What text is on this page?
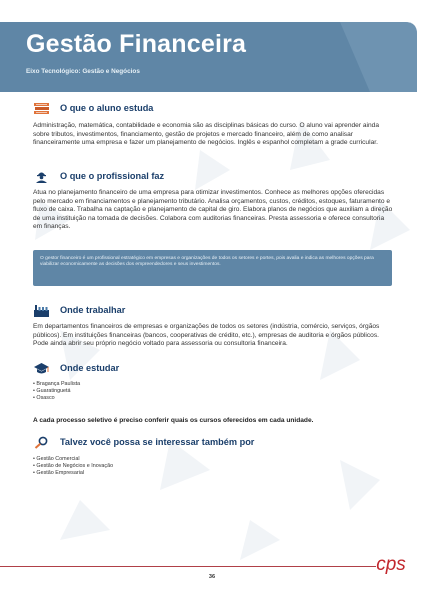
Gestão Financeira
Eixo Tecnológico: Gestão e Negócios
O que o aluno estuda

Administração, matemática, contabilidade e economia são as disciplinas básicas do curso. O aluno vai aprender ainda sobre tributos, investimentos, financiamento, gestão de projetos e mercado financeiro, além de como analisar financeiramente uma empresa e fazer um planejamento de negócios. Inglês e espanhol completam a grade curricular.

O que o profissional faz

Atua no planejamento financeiro de uma empresa para otimizar investimentos. Conhece as melhores opções oferecidas pelo mercado em financiamentos e planejamento tributário. Analisa orçamentos, custos, créditos, estoques, faturamento e fluxo de caixa. Trabalha na captação e planejamento de capital de giro. Elabora planos de negócios que auxiliam a direção de uma instituição na tomada de decisões. Colabora com auditorias financeiras. Presta assessoria e oferece consultoria em finanças.

O gestor financeiro é um profissional estratégico em empresas e organizações de todos os setores e portes, pois avalia e indica as melhores opções para viabilizar economicamente as decisões dos empreendedores e seus investimentos.

Onde trabalhar

Em departamentos financeiros de empresas e organizações de todos os setores (indústria, comércio, serviços, órgãos públicos). Em instituições financeiras (bancos, cooperativas de crédito, etc.), empresas de auditoria e órgãos públicos. Pode ainda abrir seu próprio negócio voltado para assessoria ou consultoria financeira.

Onde estudar
• Bragança Paulista
• Guaratinguetá
• Osasco
A cada processo seletivo é preciso conferir quais os cursos oferecidos em cada unidade.
Talvez você possa se interessar também por
• Gestão Comercial
• Gestão de Negócios e Inovação
• Gestão Empresarial
cps
36
